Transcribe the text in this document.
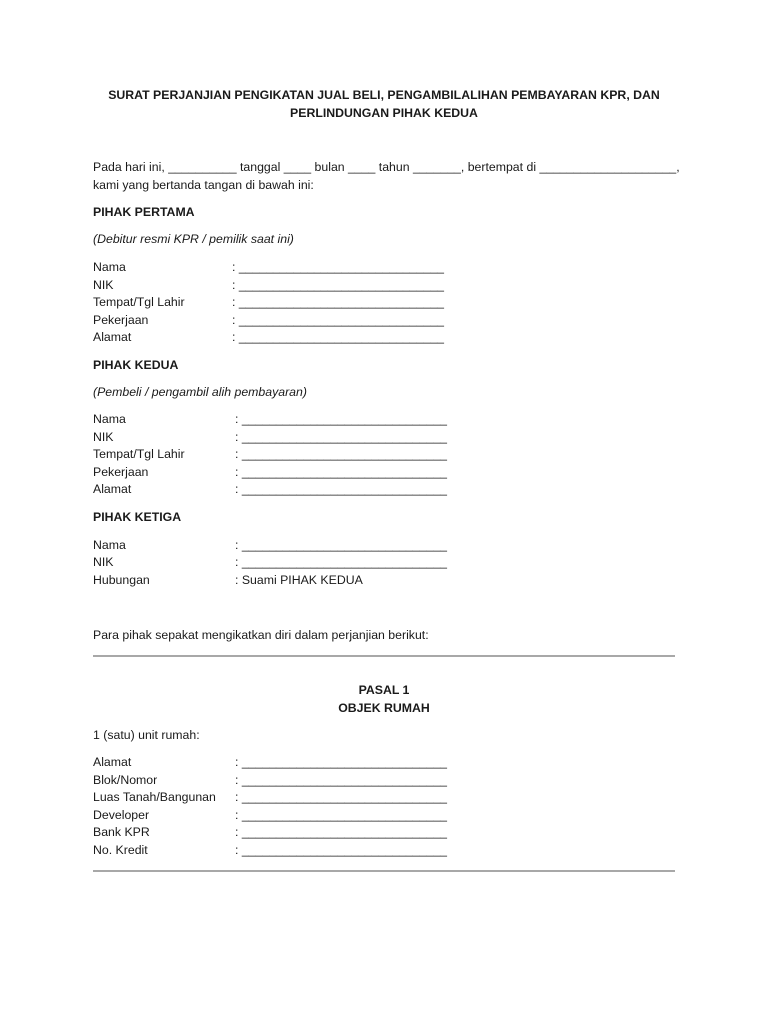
SURAT PERJANJIAN PENGIKATAN JUAL BELI, PENGAMBILALIHAN PEMBAYARAN KPR, DAN
PERLINDUNGAN PIHAK KEDUA
Pada hari ini, __________ tanggal ____ bulan ____ tahun _______, bertempat di ____________________,
kami yang bertanda tangan di bawah ini:
PIHAK PERTAMA
(Debitur resmi KPR / pemilik saat ini)
Nama	: ______________________________
NIK	: ______________________________
Tempat/Tgl Lahir	: ______________________________
Pekerjaan	: ______________________________
Alamat	: ______________________________
PIHAK KEDUA
(Pembeli / pengambil alih pembayaran)
Nama	: ______________________________
NIK	: ______________________________
Tempat/Tgl Lahir	: ______________________________
Pekerjaan	: ______________________________
Alamat	: ______________________________
PIHAK KETIGA
Nama	: ______________________________
NIK	: ______________________________
Hubungan	: Suami PIHAK KEDUA
Para pihak sepakat mengikatkan diri dalam perjanjian berikut:
PASAL 1
OBJEK RUMAH
1 (satu) unit rumah:
Alamat	: ______________________________
Blok/Nomor	: ______________________________
Luas Tanah/Bangunan : ______________________________
Developer	: ______________________________
Bank KPR	: ______________________________
No. Kredit	: ______________________________
